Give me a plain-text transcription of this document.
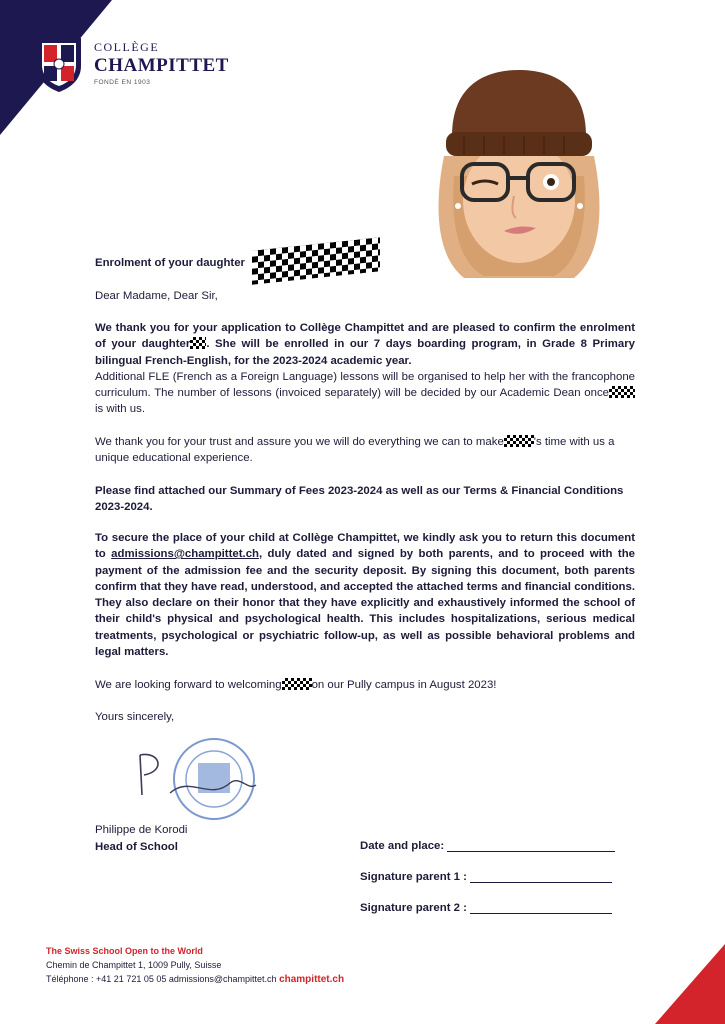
COLLÈGE
CHAMPITTET
FONDÉ EN 1903
Enrolment of your daughter
Dear Madame, Dear Sir,
We thank you for your application to Collège Champittet and are pleased to confirm the enrolment of your daughter . She will be enrolled in our 7 days boarding program, in Grade 8 Primary bilingual French-English, for the 2023-2024 academic year.
Additional FLE (French as a Foreign Language) lessons will be organised to help her with the francophone curriculum. The number of lessons (invoiced separately) will be decided by our Academic Dean onceis with us.
We thank you for your trust and assure you we will do everything we can to make	's time with us a unique educational experience.
Please find attached our Summary of Fees 2023-2024 as well as our Terms & Financial Conditions 2023-2024.
To secure the place of your child at Collège Champittet, we kindly ask you to return this document to admissions@champittet.ch, duly dated and signed by both parents, and to proceed with the payment of the admission fee and the security deposit. By signing this document, both parents confirm that they have read, understood, and accepted the attached terms and financial conditions. They also declare on their honor that they have explicitly and exhaustively informed the school of their child's physical and psychological health. This includes hospitalizations, serious medical treatments, psychological or psychiatric follow-up, as well as possible behavioral problems and legal matters.
We are looking forward to welcoming	on our Pully campus in August 2023!
Yours sincerely,
Philippe de Korodi
Head of School	Date and place:
Signature parent 1 :
Signature parent 2 :
The Swiss School Open to the World
Chemin de Champittet 1, 1009 Pully, Suisse
Téléphone : +41 21 721 05 05 admissions@champittet.ch champittet.ch
